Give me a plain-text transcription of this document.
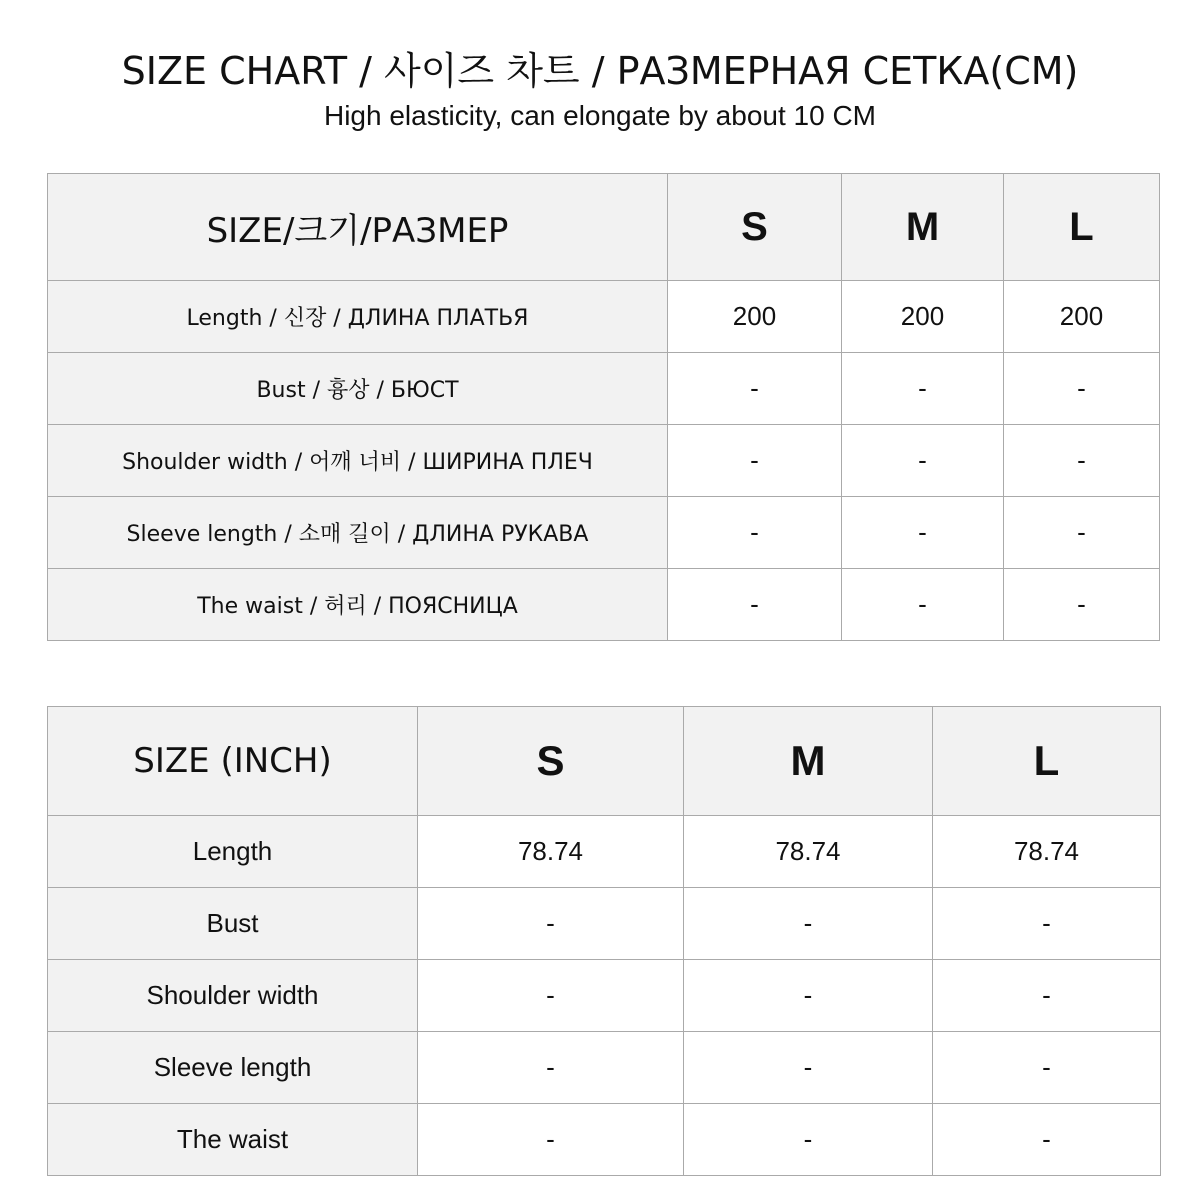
SIZE CHART / 사이즈 차트 / РАЗМЕРНАЯ СЕТКА(CM)
High elasticity, can elongate by about 10 CM
SIZE/크기/РАЗМЕР	S	M	L
Length / 신장 / ДЛИНА ПЛАТЬЯ	200	200	200
Bust / 흉상 / БЮСТ	-	-	-
Shoulder width / 어깨 너비 / ШИРИНА ПЛЕЧ	-	-	-
Sleeve length / 소매 길이 / ДЛИНА РУКАВА	-	-	-
The waist / 허리 / ПОЯСНИЦА	-	-	-
SIZE (INCH)	S	M	L
Length	78.74	78.74	78.74
Bust	-	-	-
Shoulder width	-	-	-
Sleeve length	-	-	-
The waist	-	-	-
